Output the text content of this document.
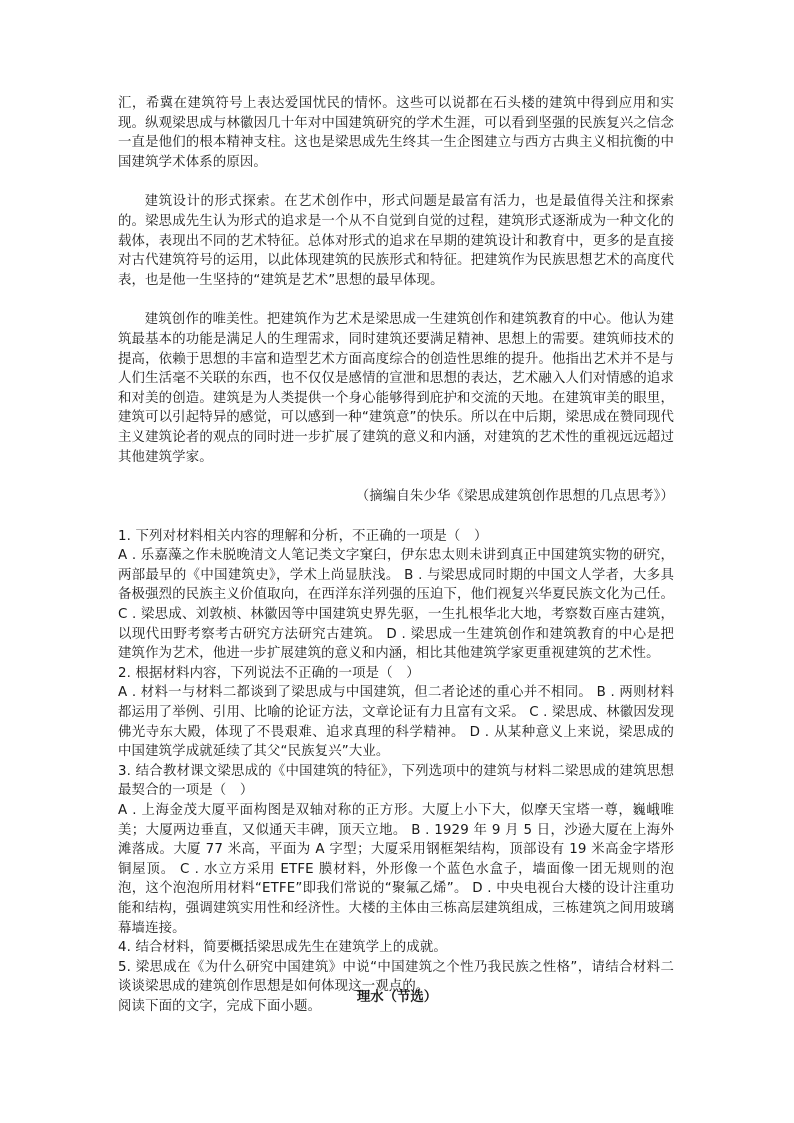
汇，希冀在建筑符号上表达爱国忧民的情怀。这些可以说都在石头楼的建筑中得到应用和实现。纵观梁思成与林徽因几十年对中国建筑研究的学术生涯，可以看到坚强的民族复兴之信念一直是他们的根本精神支柱。这也是梁思成先生终其一生企图建立与西方古典主义相抗衡的中国建筑学术体系的原因。

建筑设计的形式探索。在艺术创作中，形式问题是最富有活力，也是最值得关注和探索的。梁思成先生认为形式的追求是一个从不自觉到自觉的过程，建筑形式逐渐成为一种文化的载体，表现出不同的艺术特征。总体对形式的追求在早期的建筑设计和教育中，更多的是直接对古代建筑符号的运用，以此体现建筑的民族形式和特征。把建筑作为民族思想艺术的高度代表，也是他一生坚持的“建筑是艺术”思想的最早体现。

建筑创作的唯美性。把建筑作为艺术是梁思成一生建筑创作和建筑教育的中心。他认为建筑最基本的功能是满足人的生理需求，同时建筑还要满足精神、思想上的需要。建筑师技术的提高，依赖于思想的丰富和造型艺术方面高度综合的创造性思维的提升。他指出艺术并不是与人们生活毫不关联的东西，也不仅仅是感情的宣泄和思想的表达，艺术融入人们对情感的追求和对美的创造。建筑是为人类提供一个身心能够得到庇护和交流的天地。在建筑审美的眼里，建筑可以引起特异的感觉，可以感到一种“建筑意”的快乐。所以在中后期，梁思成在赞同现代主义建筑论者的观点的同时进一步扩展了建筑的意义和内涵，对建筑的艺术性的重视远远超过其他建筑学家。

（摘编自朱少华《梁思成建筑创作思想的几点思考》）

1. 下列对材料相关内容的理解和分析，不正确的一项是（　）

A . 乐嘉藻之作未脱晚清文人笔记类文字窠臼，伊东忠太则未讲到真正中国建筑实物的研究，两部最早的《中国建筑史》，学术上尚显肤浅。 B . 与梁思成同时期的中国文人学者，大多具备极强烈的民族主义价值取向，在西洋东洋列强的压迫下，他们视复兴华夏民族文化为己任。 C . 梁思成、刘敦桢、林徽因等中国建筑史界先驱，一生扎根华北大地，考察数百座古建筑，以现代田野考察考古研究方法研究古建筑。 D . 梁思成一生建筑创作和建筑教育的中心是把建筑作为艺术，他进一步扩展建筑的意义和内涵，相比其他建筑学家更重视建筑的艺术性。

2. 根据材料内容，下列说法不正确的一项是（　）

A . 材料一与材料二都谈到了梁思成与中国建筑，但二者论述的重心并不相同。 B . 两则材料都运用了举例、引用、比喻的论证方法，文章论证有力且富有文采。 C . 梁思成、林徽因发现佛光寺东大殿，体现了不畏艰难、追求真理的科学精神。 D . 从某种意义上来说，梁思成的中国建筑学成就延续了其父“民族复兴”大业。

3. 结合教材课文梁思成的《中国建筑的特征》，下列选项中的建筑与材料二梁思成的建筑思想最契合的一项是（　）

A . 上海金茂大厦平面构图是双轴对称的正方形。大厦上小下大，似摩天宝塔一尊，巍峨唯美；大厦两边垂直，又似通天丰碑，顶天立地。 B . 1929 年 9 月 5 日，沙逊大厦在上海外滩落成。大厦 77 米高，平面为 A 字型；大厦采用钢框架结构，顶部设有 19 米高金字塔形铜屋顶。 C . 水立方采用 ETFE 膜材料，外形像一个蓝色水盒子，墙面像一团无规则的泡泡，这个泡泡所用材料“ETFE”即我们常说的“聚氟乙烯”。 D . 中央电视台大楼的设计注重功能和结构，强调建筑实用性和经济性。大楼的主体由三栋高层建筑组成，三栋建筑之间用玻璃幕墙连接。

4. 结合材料，简要概括梁思成先生在建筑学上的成就。

5. 梁思成在《为什么研究中国建筑》中说“中国建筑之个性乃我民族之性格”，请结合材料二谈谈梁思成的建筑创作思想是如何体现这一观点的。

阅读下面的文字，完成下面小题。

理水（节选）
